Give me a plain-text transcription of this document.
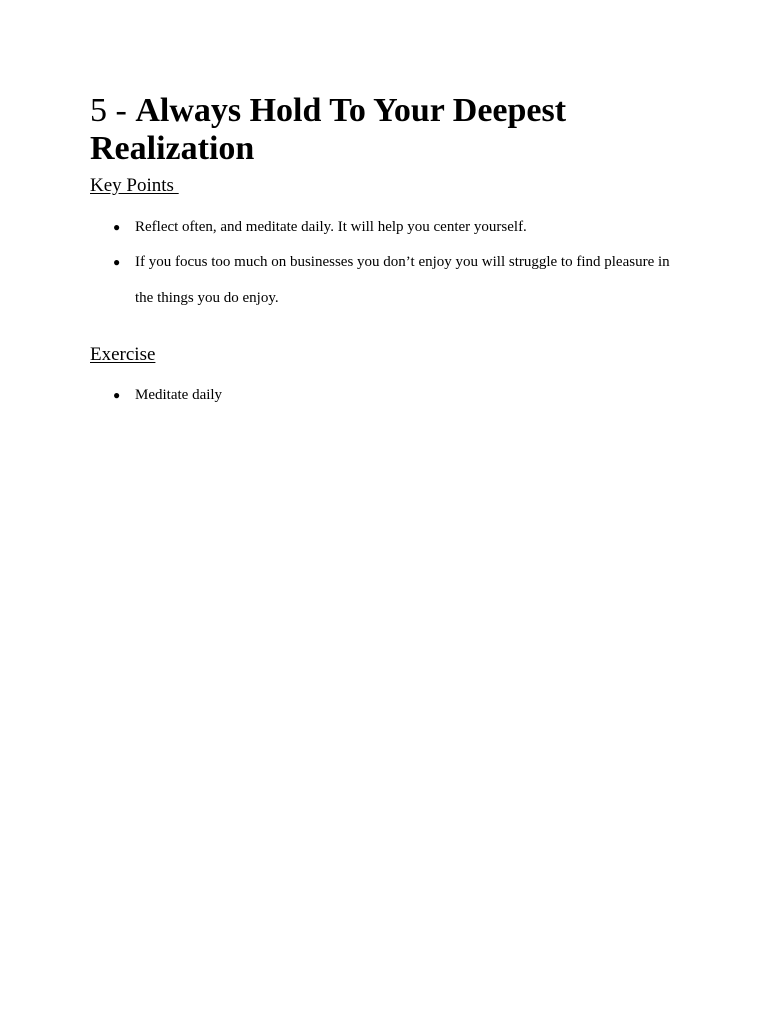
5 - Always Hold To Your Deepest Realization
Key Points
● Reflect often, and meditate daily. It will help you center yourself.
● If you focus too much on businesses you don’t enjoy you will struggle to find pleasure in the things you do enjoy.
Exercise
● Meditate daily
